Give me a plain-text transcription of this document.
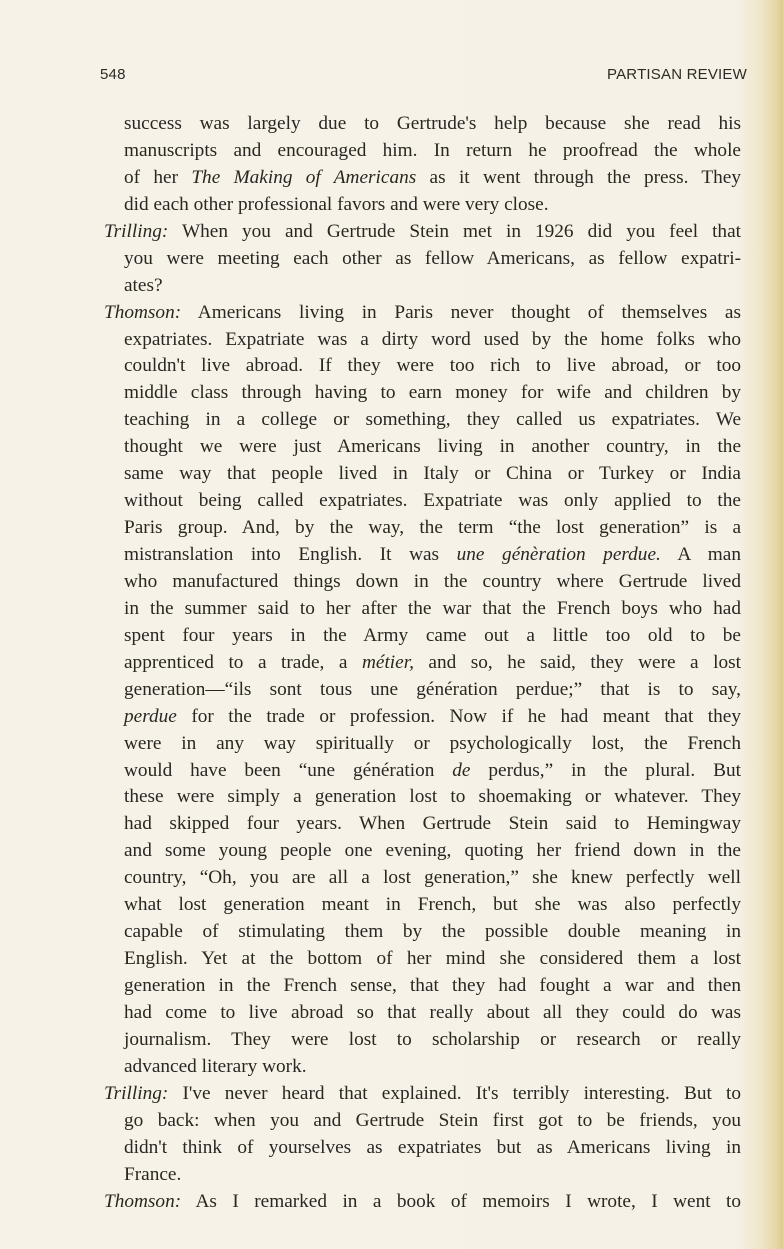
548	PARTISAN REVIEW
success was largely due to Gertrude's help because she read his
manuscripts and encouraged him. In return he proofread the whole
of her The Making of Americans as it went through the press. They
did each other professional favors and were very close.
Trilling: When you and Gertrude Stein met in 1926 did you feel that
you were meeting each other as fellow Americans, as fellow expatri-
ates?
Thomson: Americans living in Paris never thought of themselves as
expatriates. Expatriate was a dirty word used by the home folks who
couldn't live abroad. If they were too rich to live abroad, or too
middle class through having to earn money for wife and children by
teaching in a college or something, they called us expatriates. We
thought we were just Americans living in another country, in the
same way that people lived in Italy or China or Turkey or India
without being called expatriates. Expatriate was only applied to the
Paris group. And, by the way, the term “the lost generation” is a
mistranslation into English. It was une génèration perdue. A man
who manufactured things down in the country where Gertrude lived
in the summer said to her after the war that the French boys who had
spent four years in the Army came out a little too old to be
apprenticed to a trade, a métier, and so, he said, they were a lost
generation—“ils sont tous une génération perdue;” that is to say,
perdue for the trade or profession. Now if he had meant that they
were in any way spiritually or psychologically lost, the French
would have been “une génération de perdus,” in the plural. But
these were simply a generation lost to shoemaking or whatever. They
had skipped four years. When Gertrude Stein said to Hemingway
and some young people one evening, quoting her friend down in the
country, “Oh, you are all a lost generation,” she knew perfectly well
what lost generation meant in French, but she was also perfectly
capable of stimulating them by the possible double meaning in
English. Yet at the bottom of her mind she considered them a lost
generation in the French sense, that they had fought a war and then
had come to live abroad so that really about all they could do was
journalism. They were lost to scholarship or research or really
advanced literary work.
Trilling: I've never heard that explained. It's terribly interesting. But to
go back: when you and Gertrude Stein first got to be friends, you
didn't think of yourselves as expatriates but as Americans living in
France.
Thomson: As I remarked in a book of memoirs I wrote, I went to
